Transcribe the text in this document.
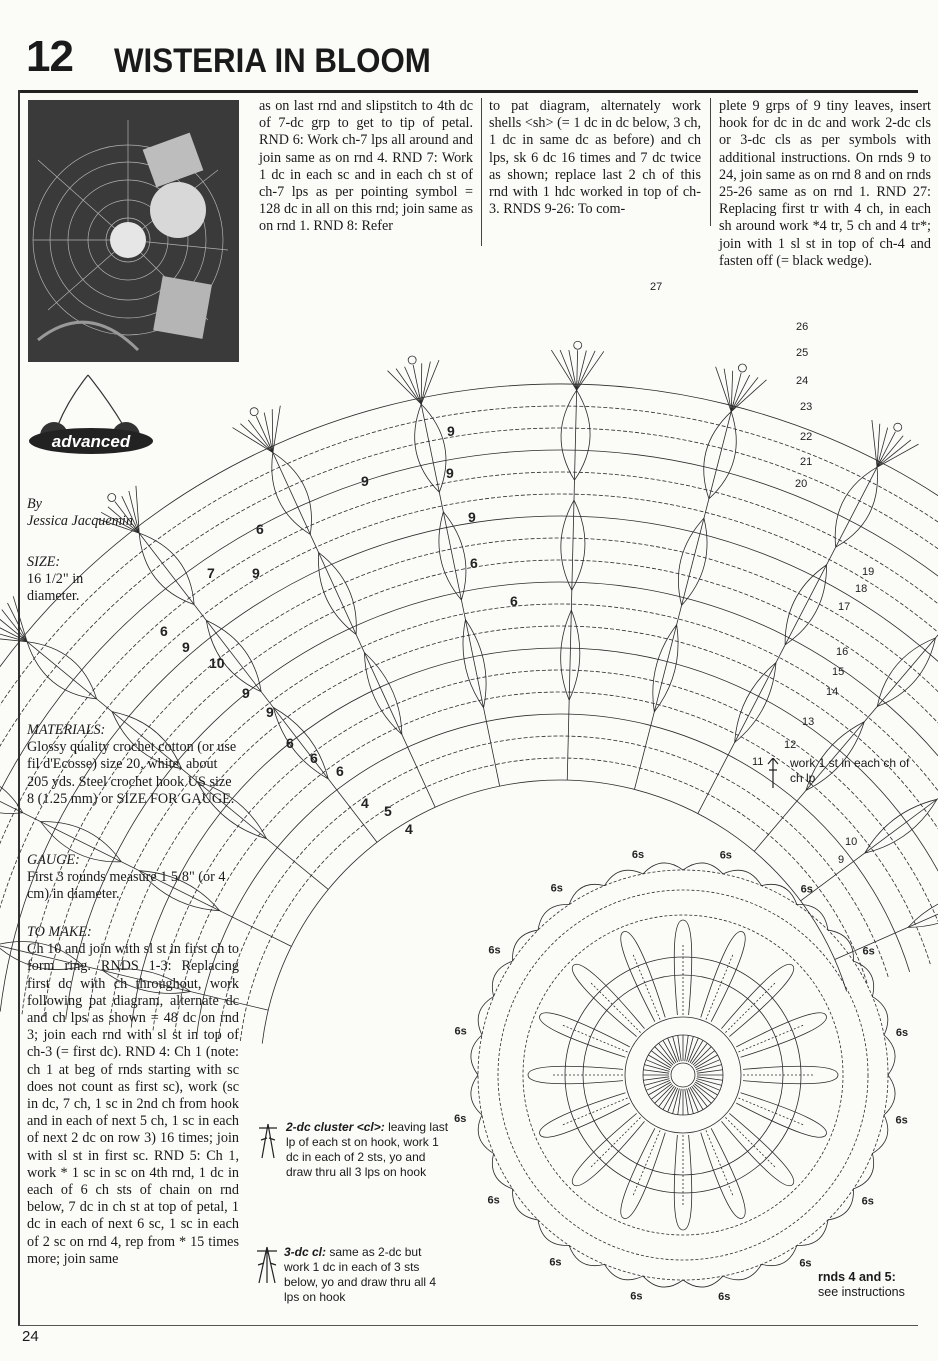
12 WISTERIA IN BLOOM
advanced
By
Jessica Jacquemin
SIZE:
16 1/2" in diameter.
MATERIALS:
Glossy quality crochet cotton (or use fil d'Ecosse) size 20, white, about 205 yds. Steel crochet hook US size 8 (1.25 mm) or SIZE FOR GAUGE.
GAUGE:
First 3 rounds measure 1 5/8" (or 4 cm) in diameter.
TO MAKE:
Ch 10 and join with sl st in first ch to form ring. RNDS 1-3: Replacing first dc with ch throughout, work following pat diagram, alternate dc and ch lps as shown = 48 dc on rnd 3; join each rnd with sl st in top of ch-3 (= first dc). RND 4: Ch 1 (note: ch 1 at beg of rnds starting with sc does not count as first sc), work (sc in dc, 7 ch, 1 sc in 2nd ch from hook and in each of next 5 ch, 1 sc in each of next 2 dc on row 3) 16 times; join with sl st in first sc. RND 5: Ch 1, work * 1 sc in sc on 4th rnd, 1 dc in each of 6 ch sts of chain on rnd below, 7 dc in ch st at top of petal, 1 dc in each of next 6 sc, 1 sc in each of 2 sc on rnd 4, rep from * 15 times more; join same
as on last rnd and slipstitch to 4th dc of 7-dc grp to get to tip of petal. RND 6: Work ch-7 lps all around and join same as on rnd 4. RND 7: Work 1 dc in each sc and in each ch st of ch-7 lps as per pointing symbol = 128 dc in all on this rnd; join same as on rnd 1. RND 8: Refer
to pat diagram, alternately work shells <sh> (= 1 dc in dc below, 3 ch, 1 dc in same dc as before) and ch lps, sk 6 dc 16 times and 7 dc twice as shown; replace last 2 ch of this rnd with 1 hdc worked in top of ch-3. RNDS 9-26: To com-
plete 9 grps of 9 tiny leaves, insert hook for dc in dc and work 2-dc cls or 3-dc cls as per symbols with additional instructions. On rnds 9 to 24, join same as on rnd 8 and on rnds 25-26 same as on rnd 1. RND 27: Replacing first tr with 4 ch, in each sh around work *4 tr, 5 ch and 4 tr*; join with 1 sl st in top of ch-4 and fasten off (= black wedge).
27
26
25
24
23
22
21
20
19
18
17
16
15
14
13
12
11
10
9
9
9	9
9
6
6
6
9
7
6
9
10
9
9
6
6
6
4 5
4
6s
6s
6s
6s
6s
6s
6s
6s
6s
6s
6s
6s
6s
6s
6s
6s
work 1 st in each ch of ch lp
2-dc cluster <cl>: leaving last lp of each st on hook, work 1 dc in each of 2 sts, yo and draw thru all 3 lps on hook
3-dc cl: same as 2-dc but work 1 dc in each of 3 sts below, yo and draw thru all 4 lps on hook
rnds 4 and 5:
see instructions
24
